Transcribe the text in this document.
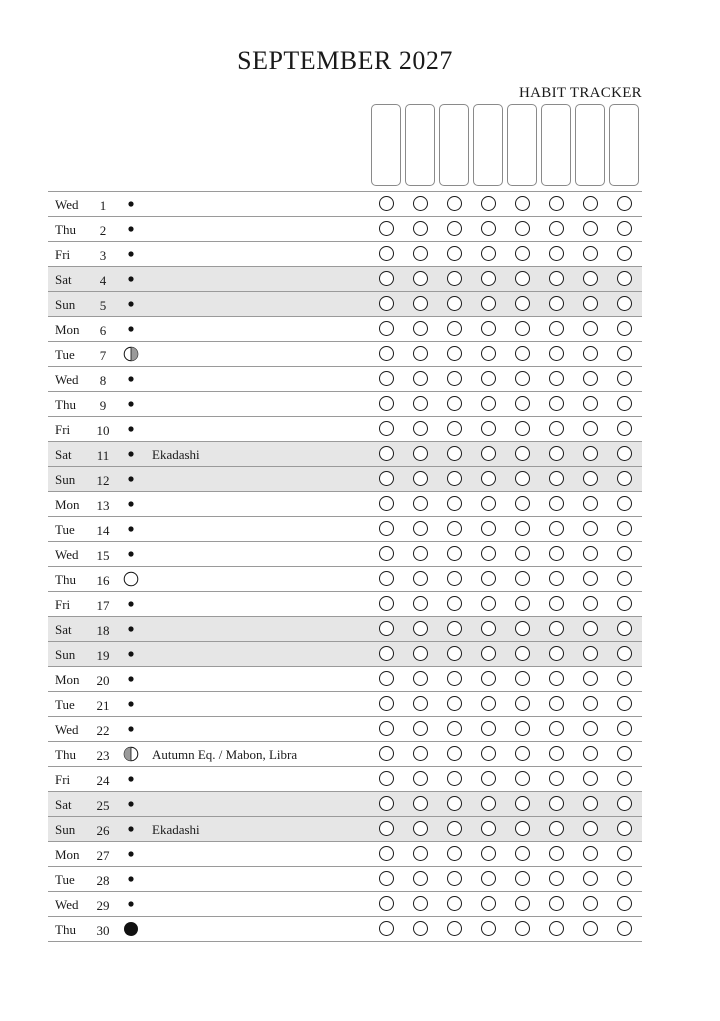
SEPTEMBER 2027
HABIT TRACKER
Wed 1
Thu 2
Fri 3
Sat 4
Sun 5
Mon 6
Tue 7
Wed 8
Thu 9
Fri 10
Sat 11	Ekadashi
Sun 12
Mon 13
Tue 14
Wed 15
Thu 16
Fri 17
Sat 18
Sun 19
Mon 20
Tue 21
Wed 22
Thu 23	Autumn Eq. / Mabon, Libra
Fri 24
Sat 25
Sun 26	Ekadashi
Mon 27
Tue 28
Wed 29
Thu 30
